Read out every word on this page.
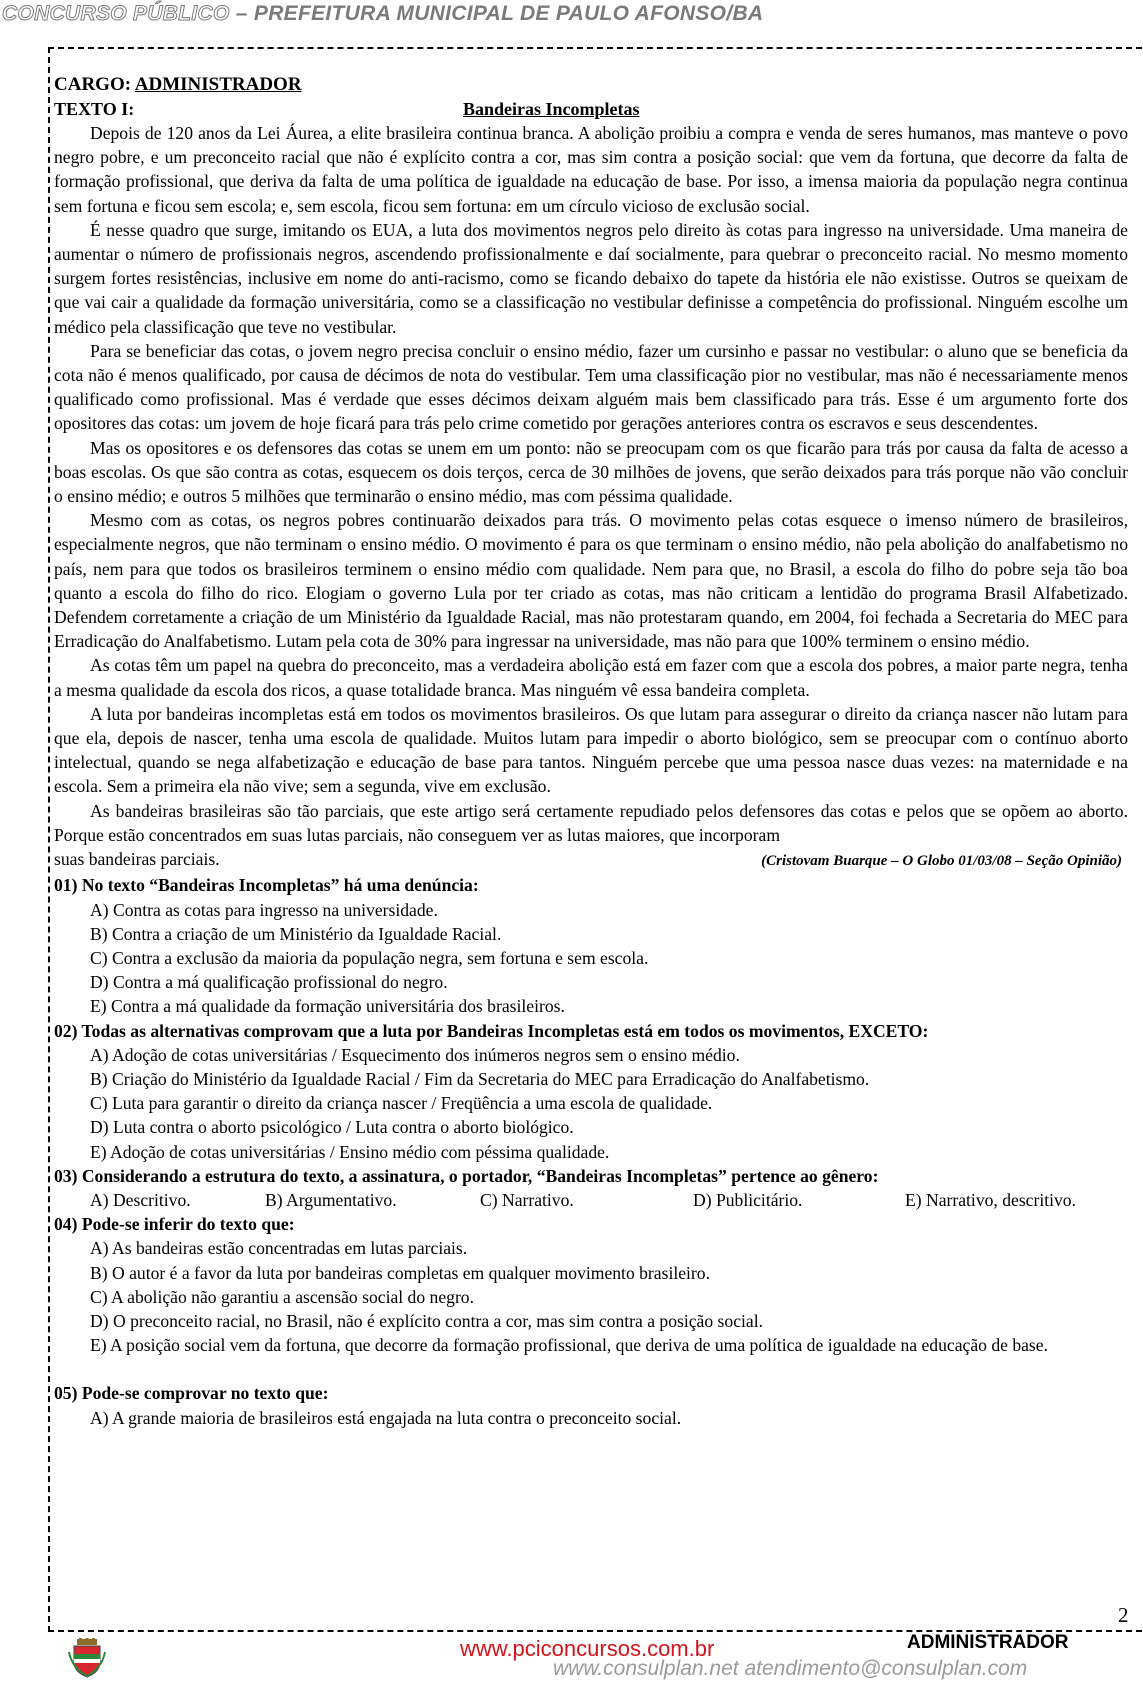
CONCURSO PÚBLICO – PREFEITURA MUNICIPAL DE PAULO AFONSO/BA
CARGO: ADMINISTRADOR
TEXTO I:	Bandeiras Incompletas

Depois de 120 anos da Lei Áurea, a elite brasileira continua branca. A abolição proibiu a compra e venda de seres humanos, mas manteve o povo negro pobre, e um preconceito racial que não é explícito contra a cor, mas sim contra a posição social: que vem da fortuna, que decorre da falta de formação profissional, que deriva da falta de uma política de igualdade na educação de base. Por isso, a imensa maioria da população negra continua sem fortuna e ficou sem escola; e, sem escola, ficou sem fortuna: em um círculo vicioso de exclusão social.

É nesse quadro que surge, imitando os EUA, a luta dos movimentos negros pelo direito às cotas para ingresso na universidade. Uma maneira de aumentar o número de profissionais negros, ascendendo profissionalmente e daí socialmente, para quebrar o preconceito racial. No mesmo momento surgem fortes resistências, inclusive em nome do anti-racismo, como se ficando debaixo do tapete da história ele não existisse. Outros se queixam de que vai cair a qualidade da formação universitária, como se a classificação no vestibular definisse a competência do profissional. Ninguém escolhe um médico pela classificação que teve no vestibular.

Para se beneficiar das cotas, o jovem negro precisa concluir o ensino médio, fazer um cursinho e passar no vestibular: o aluno que se beneficia da cota não é menos qualificado, por causa de décimos de nota do vestibular. Tem uma classificação pior no vestibular, mas não é necessariamente menos qualificado como profissional. Mas é verdade que esses décimos deixam alguém mais bem classificado para trás. Esse é um argumento forte dos opositores das cotas: um jovem de hoje ficará para trás pelo crime cometido por gerações anteriores contra os escravos e seus descendentes.

Mas os opositores e os defensores das cotas se unem em um ponto: não se preocupam com os que ficarão para trás por causa da falta de acesso a boas escolas. Os que são contra as cotas, esquecem os dois terços, cerca de 30 milhões de jovens, que serão deixados para trás porque não vão concluir o ensino médio; e outros 5 milhões que terminarão o ensino médio, mas com péssima qualidade.

Mesmo com as cotas, os negros pobres continuarão deixados para trás. O movimento pelas cotas esquece o imenso número de brasileiros, especialmente negros, que não terminam o ensino médio. O movimento é para os que terminam o ensino médio, não pela abolição do analfabetismo no país, nem para que todos os brasileiros terminem o ensino médio com qualidade. Nem para que, no Brasil, a escola do filho do pobre seja tão boa quanto a escola do filho do rico. Elogiam o governo Lula por ter criado as cotas, mas não criticam a lentidão do programa Brasil Alfabetizado. Defendem corretamente a criação de um Ministério da Igualdade Racial, mas não protestaram quando, em 2004, foi fechada a Secretaria do MEC para Erradicação do Analfabetismo. Lutam pela cota de 30% para ingressar na universidade, mas não para que 100% terminem o ensino médio.

As cotas têm um papel na quebra do preconceito, mas a verdadeira abolição está em fazer com que a escola dos pobres, a maior parte negra, tenha a mesma qualidade da escola dos ricos, a quase totalidade branca. Mas ninguém vê essa bandeira completa.

A luta por bandeiras incompletas está em todos os movimentos brasileiros. Os que lutam para assegurar o direito da criança nascer não lutam para que ela, depois de nascer, tenha uma escola de qualidade. Muitos lutam para impedir o aborto biológico, sem se preocupar com o contínuo aborto intelectual, quando se nega alfabetização e educação de base para tantos. Ninguém percebe que uma pessoa nasce duas vezes: na maternidade e na escola. Sem a primeira ela não vive; sem a segunda, vive em exclusão.

As bandeiras brasileiras são tão parciais, que este artigo será certamente repudiado pelos defensores das cotas e pelos que se opõem ao aborto. Porque estão concentrados em suas lutas parciais, não conseguem ver as lutas maiores, que incorporam

suas bandeiras parciais.	(Cristovam Buarque – O Globo 01/03/08 – Seção Opinião)

01) No texto “Bandeiras Incompletas” há uma denúncia:

A) Contra as cotas para ingresso na universidade.

B) Contra a criação de um Ministério da Igualdade Racial.

C) Contra a exclusão da maioria da população negra, sem fortuna e sem escola.

D) Contra a má qualificação profissional do negro.

E) Contra a má qualidade da formação universitária dos brasileiros.

02) Todas as alternativas comprovam que a luta por Bandeiras Incompletas está em todos os movimentos, EXCETO:

A) Adoção de cotas universitárias / Esquecimento dos inúmeros negros sem o ensino médio.

B) Criação do Ministério da Igualdade Racial / Fim da Secretaria do MEC para Erradicação do Analfabetismo.

C) Luta para garantir o direito da criança nascer / Freqüência a uma escola de qualidade.

D) Luta contra o aborto psicológico / Luta contra o aborto biológico.

E) Adoção de cotas universitárias / Ensino médio com péssima qualidade.

03) Considerando a estrutura do texto, a assinatura, o portador, “Bandeiras Incompletas” pertence ao gênero:

A) Descritivo.	B) Argumentativo.	C) Narrativo.	D) Publicitário.	E) Narrativo, descritivo.

04) Pode-se inferir do texto que:

A) As bandeiras estão concentradas em lutas parciais.

B) O autor é a favor da luta por bandeiras completas em qualquer movimento brasileiro.

C) A abolição não garantiu a ascensão social do negro.

D) O preconceito racial, no Brasil, não é explícito contra a cor, mas sim contra a posição social.

E) A posição social vem da fortuna, que decorre da formação profissional, que deriva de uma política de igualdade na educação de base.

05) Pode-se comprovar no texto que:

A) A grande maioria de brasileiros está engajada na luta contra o preconceito social.

2
www.pciconcursos.com.br	ADMINISTRADOR
www.consulplan.net atendimento@consulplan.com
